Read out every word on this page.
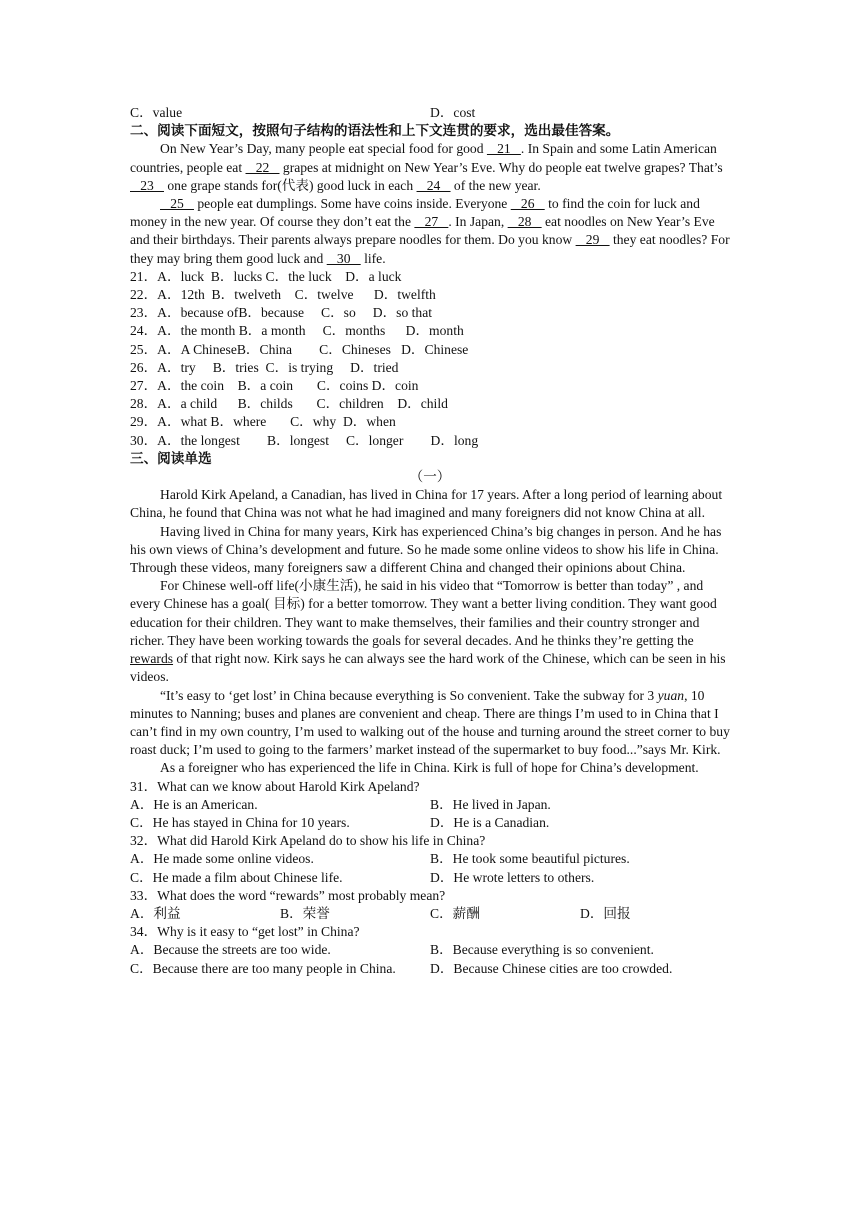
C．value	D．cost
二、阅读下面短文，按照句子结构的语法性和上下文连贯的要求，选出最佳答案。

On New Year’s Day, many people eat special food for good    21   . In Spain and some Latin American countries, people eat    22    grapes at midnight on New Year’s Eve. Why do people eat twelve grapes? That’s    23    one grape stands for(代表) good luck in each    24    of the new year.

25    people eat dumplings. Some have coins inside. Everyone    26    to find the coin for luck and money in the new year. Of course they don’t eat the    27   . In Japan,    28    eat noodles on New Year’s Eve and their birthdays. Their parents always prepare noodles for them. Do you know    29    they eat noodles? For they may bring them good luck and    30    life.

21．A．luck  B．lucks C．the luck    D．a luck
22．A．12th  B．twelveth    C．twelve      D．twelfth
23．A．because ofB．because     C．so     D．so that
24．A．the month B．a month     C．months      D．month
25．A．A ChineseB．China        C．Chineses   D．Chinese
26．A．try     B．tries  C．is trying     D．tried
27．A．the coin    B．a coin       C．coins D．coin
28．A．a child      B．childs       C．children    D．child
29．A．what B．where       C．why  D．when
30．A．the longest        B．longest     C．longer        D．long
三、阅读单选
（一）

Harold Kirk Apeland, a Canadian, has lived in China for 17 years. After a long period of learning about China, he found that China was not what he had imagined and many foreigners did not know China at all.

Having lived in China for many years, Kirk has experienced China’s big changes in person. And he has his own views of China’s development and future. So he made some online videos to show his life in China. Through these videos, many foreigners saw a different China and changed their opinions about China.

For Chinese well-off life(小康生活), he said in his video that “Tomorrow is better than today” , and every Chinese has a goal( 目标) for a better tomorrow. They want a better living condition. They want good education for their children. They want to make themselves, their families and their country stronger and richer. They have been working towards the goals for several decades. And he thinks they’re getting the rewards of that right now. Kirk says he can always see the hard work of the Chinese, which can be seen in his videos.

“It’s easy to ‘get lost’ in China because everything is So convenient. Take the subway for 3 yuan, 10 minutes to Nanning; buses and planes are convenient and cheap. There are things I’m used to in China that I can’t find in my own country, I’m used to walking out of the house and turning around the street corner to buy roast duck; I’m used to going to the farmers’ market instead of the supermarket to buy food...”says Mr. Kirk.

As a foreigner who has experienced the life in China. Kirk is full of hope for China’s development.

31．What can we know about Harold Kirk Apeland?
A．He is an American.	B．He lived in Japan.
C．He has stayed in China for 10 years.	D．He is a Canadian.
32．What did Harold Kirk Apeland do to show his life in China?
A．He made some online videos.	B．He took some beautiful pictures.
C．He made a film about Chinese life.	D．He wrote letters to others.
33．What does the word “rewards” most probably mean?
A．利益	B．荣誉	C．薪酬	D．回报
34．Why is it easy to “get lost” in China?
A．Because the streets are too wide.	B．Because everything is so convenient.
C．Because there are too many people in China.	D．Because Chinese cities are too crowded.
